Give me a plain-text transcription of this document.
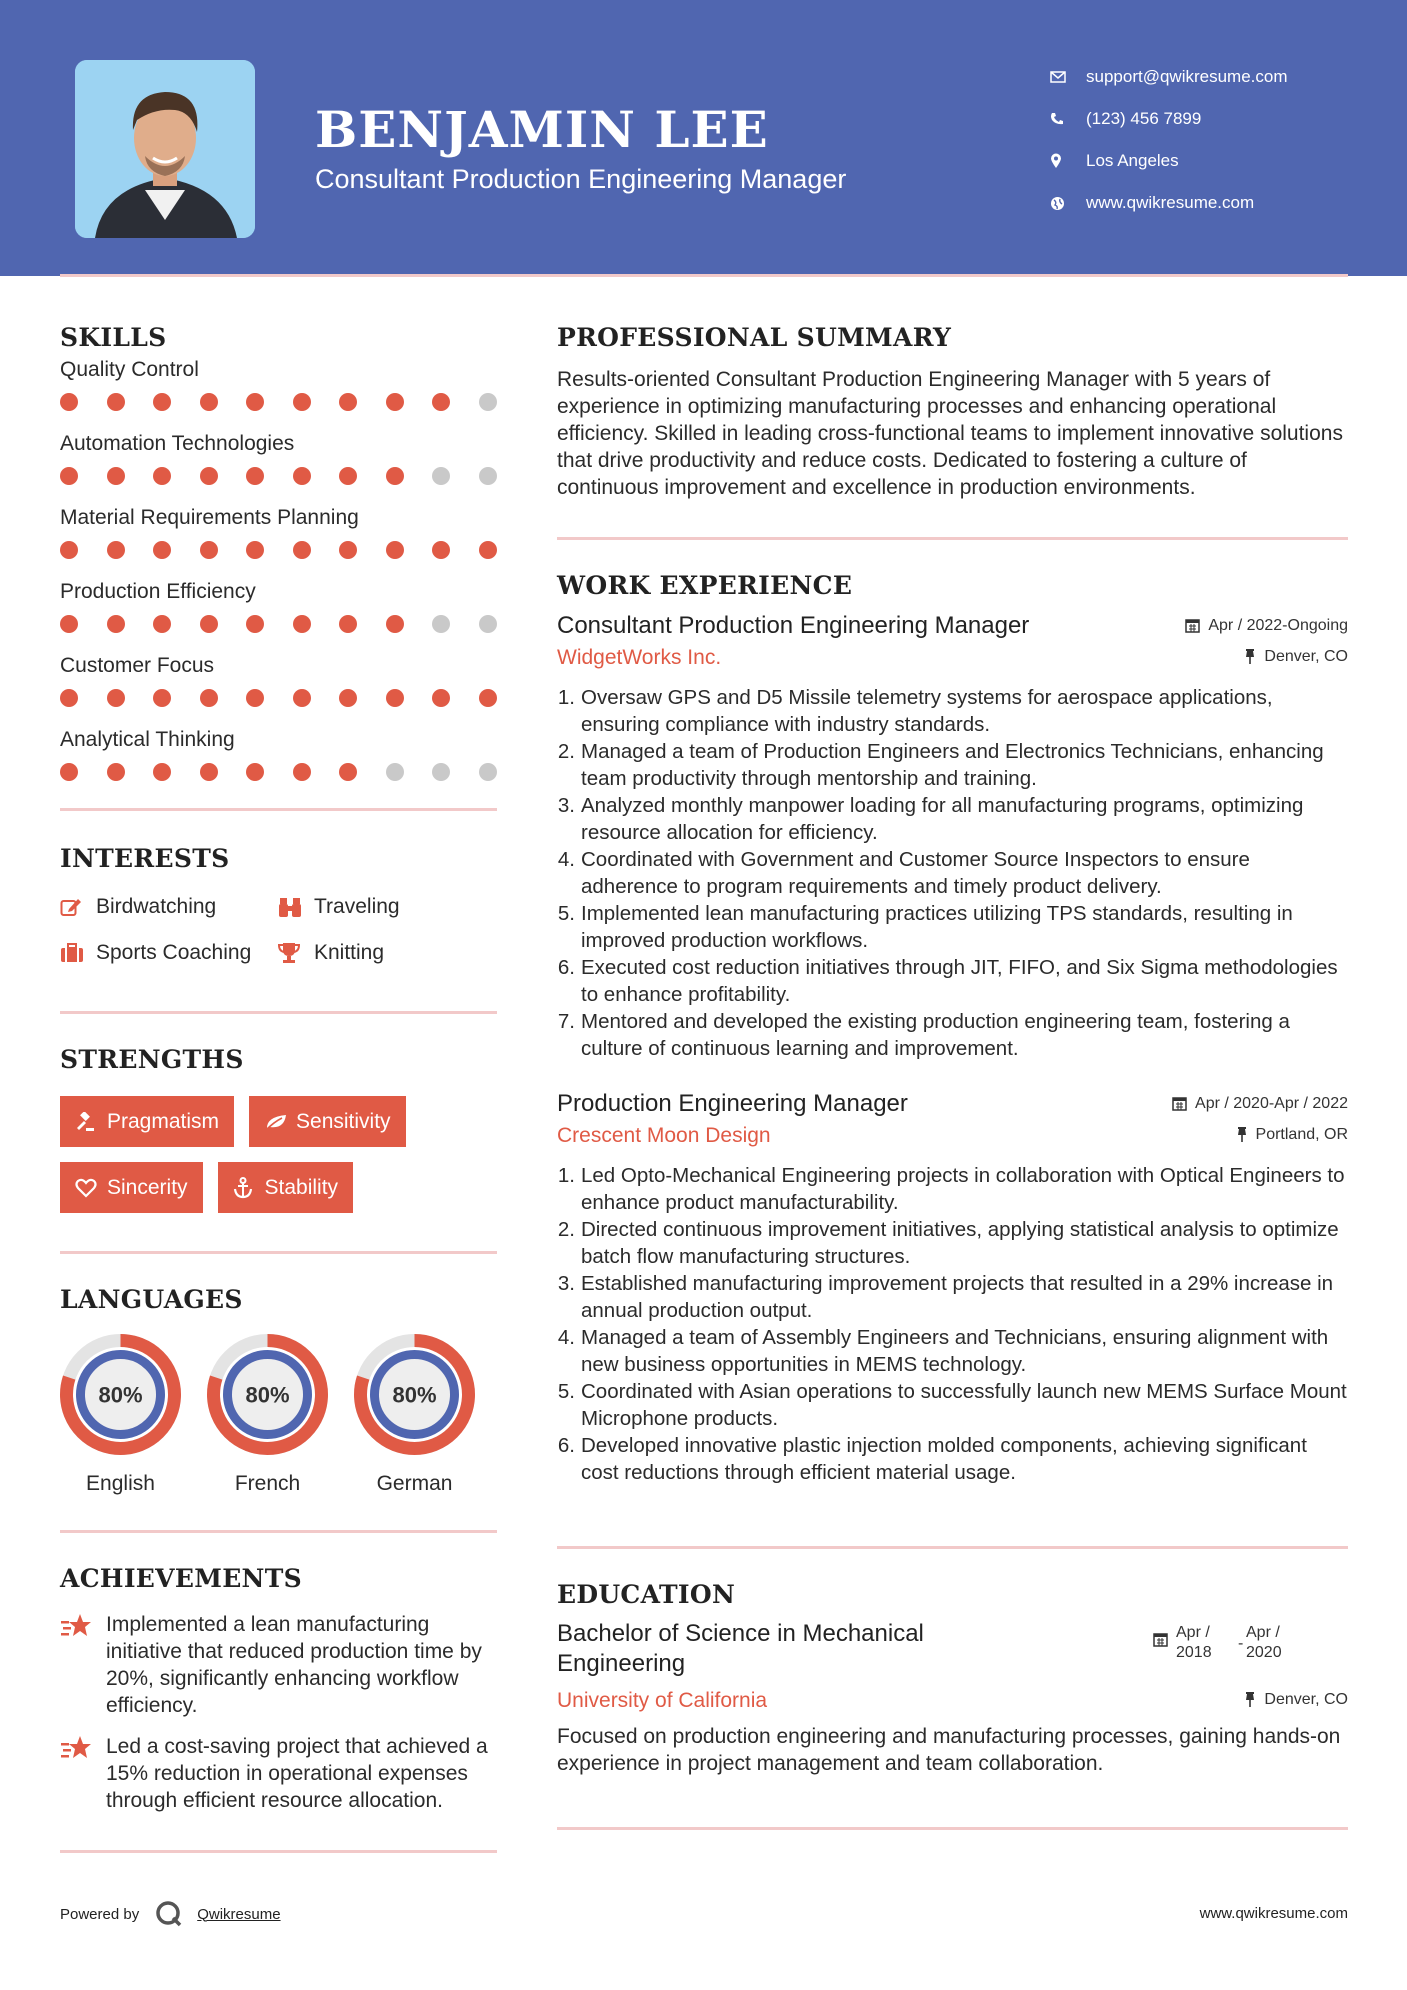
BENJAMIN LEE
Consultant Production Engineering Manager
support@qwikresume.com
(123) 456 7899
Los Angeles
www.qwikresume.com
SKILLS
Quality Control
Automation Technologies
Material Requirements Planning
Production Efficiency
Customer Focus
Analytical Thinking
INTERESTS
Birdwatching	Traveling
Sports Coaching	Knitting
STRENGTHS
Pragmatism	Sensitivity
Sincerity	Stability
LANGUAGES
80%
English
80%
French
80%
German
ACHIEVEMENTS
Implemented a lean manufacturing initiative that reduced production time by 20%, significantly enhancing workflow efficiency.
Led a cost-saving project that achieved a 15% reduction in operational expenses through efficient resource allocation.
PROFESSIONAL SUMMARY
Results-oriented Consultant Production Engineering Manager with 5 years of experience in optimizing manufacturing processes and enhancing operational efficiency. Skilled in leading cross-functional teams to implement innovative solutions that drive productivity and reduce costs. Dedicated to fostering a culture of continuous improvement and excellence in production environments.
WORK EXPERIENCE
Consultant Production Engineering Manager	Apr / 2022-Ongoing
WidgetWorks Inc.	Denver, CO
1. Oversaw GPS and D5 Missile telemetry systems for aerospace applications, ensuring compliance with industry standards.
2. Managed a team of Production Engineers and Electronics Technicians, enhancing team productivity through mentorship and training.
3. Analyzed monthly manpower loading for all manufacturing programs, optimizing resource allocation for efficiency.
4. Coordinated with Government and Customer Source Inspectors to ensure adherence to program requirements and timely product delivery.
5. Implemented lean manufacturing practices utilizing TPS standards, resulting in improved production workflows.
6. Executed cost reduction initiatives through JIT, FIFO, and Six Sigma methodologies to enhance profitability.
7. Mentored and developed the existing production engineering team, fostering a culture of continuous learning and improvement.
Production Engineering Manager	Apr / 2020-Apr / 2022
Crescent Moon Design	Portland, OR
1. Led Opto-Mechanical Engineering projects in collaboration with Optical Engineers to enhance product manufacturability.
2. Directed continuous improvement initiatives, applying statistical analysis to optimize batch flow manufacturing structures.
3. Established manufacturing improvement projects that resulted in a 29% increase in annual production output.
4. Managed a team of Assembly Engineers and Technicians, ensuring alignment with new business opportunities in MEMS technology.
5. Coordinated with Asian operations to successfully launch new MEMS Surface Mount Microphone products.
6. Developed innovative plastic injection molded components, achieving significant cost reductions through efficient material usage.
EDUCATION
Bachelor of Science in Mechanical
Engineering
Apr /
2018
-
Apr /
2020
University of California	Denver, CO
Focused on production engineering and manufacturing processes, gaining hands-on experience in project management and team collaboration.
Powered by	Qwikresume	www.qwikresume.com
